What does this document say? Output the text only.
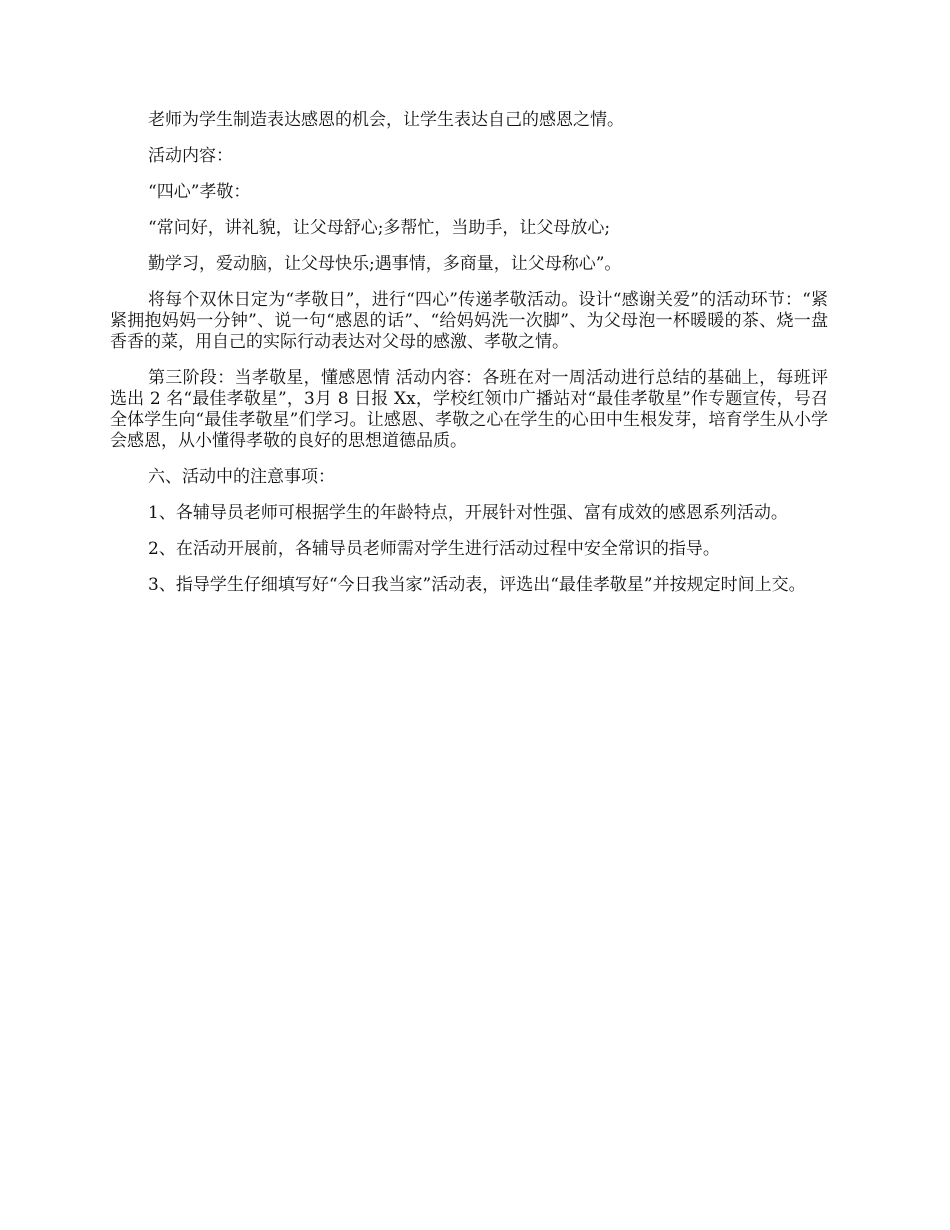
老师为学生制造表达感恩的机会，让学生表达自己的感恩之情。

活动内容：

“四心”孝敬：

“常问好，讲礼貌，让父母舒心;多帮忙，当助手，让父母放心;

勤学习，爱动脑，让父母快乐;遇事情，多商量，让父母称心”。

将每个双休日定为“孝敬日”，进行“四心”传递孝敬活动。设计“感谢关爱”的活动环节：“紧紧拥抱妈妈一分钟”、说一句“感恩的话”、“给妈妈洗一次脚”、为父母泡一杯暖暖的茶、烧一盘香香的菜，用自己的实际行动表达对父母的感激、孝敬之情。

第三阶段：当孝敬星，懂感恩情 活动内容：各班在对一周活动进行总结的基础上，每班评选出 2 名“最佳孝敬星”，3月 8 日报 Xx，学校红领巾广播站对“最佳孝敬星”作专题宣传，号召全体学生向“最佳孝敬星”们学习。让感恩、孝敬之心在学生的心田中生根发芽，培育学生从小学会感恩，从小懂得孝敬的良好的思想道德品质。

六、活动中的注意事项：

1、各辅导员老师可根据学生的年龄特点，开展针对性强、富有成效的感恩系列活动。

2、在活动开展前，各辅导员老师需对学生进行活动过程中安全常识的指导。

3、指导学生仔细填写好“今日我当家”活动表，评选出“最佳孝敬星”并按规定时间上交。
